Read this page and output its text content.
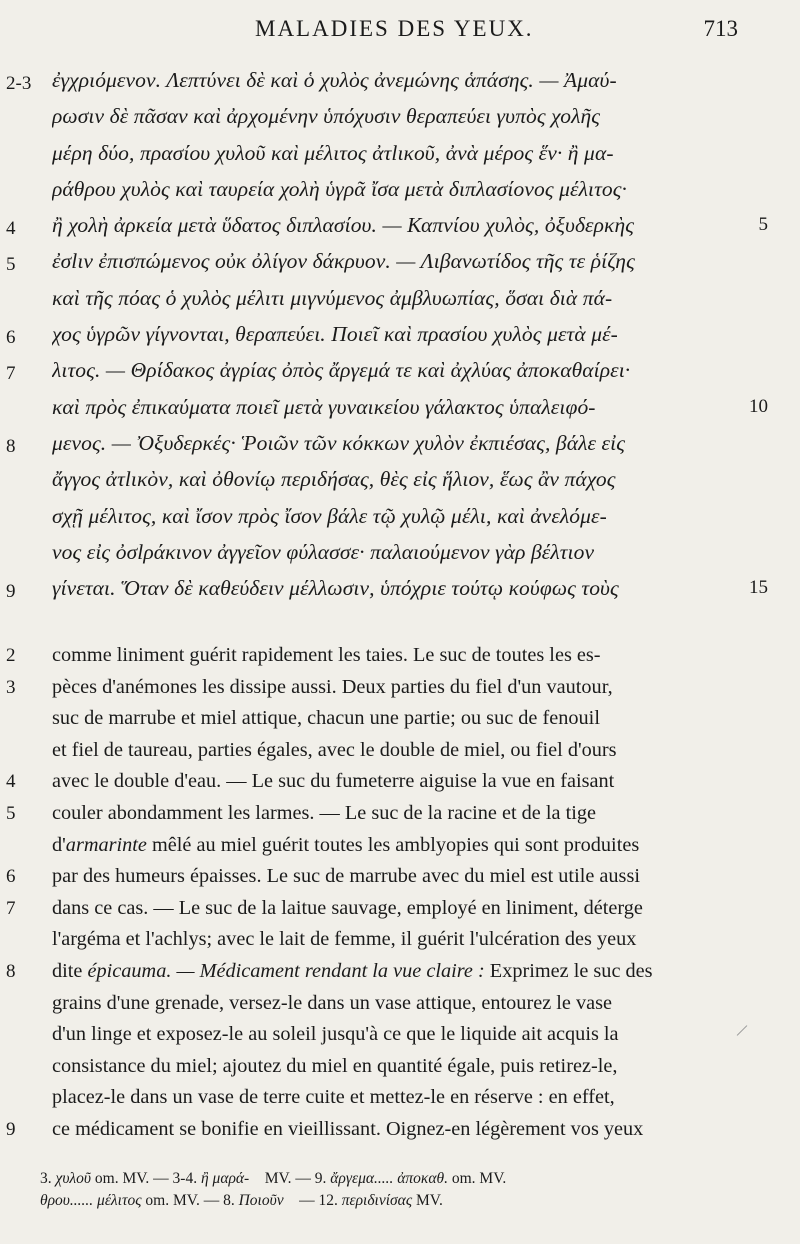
MALADIES DES YEUX.	713
2-3 ἐγχριόμενον. Λεπτύνει δὲ καὶ ὁ χυλὸς ἀνεμώνης ἁπάσης. — Ἀμαύ-
ρωσιν δὲ πᾶσαν καὶ ἀρχομένην ὑπόχυσιν θεραπεύει γυπὸς χολῆς
μέρη δύο, πρασίου χυλοῦ καὶ μέλιτος ἀτlικοῦ, ἀνὰ μέρος ἕν· ἢ μα-
ράθρου χυλὸς καὶ ταυρεία χολὴ ὑγρᾶ ἴσα μετὰ διπλασίονος μέλιτος·
4	ἢ χολὴ ἀρκεία μετὰ ὕδατος διπλασίου. — Καπνίου χυλὸς, ὀξυδερκὴς	5
5	ἐσlιν ἐπισπώμενος οὐκ ὀλίγον δάκρυον. — Λιβανωτίδος τῆς τε ῥίζης
καὶ τῆς πόας ὁ χυλὸς μέλιτι μιγνύμενος ἀμβλυωπίας, ὅσαι διὰ πά-
6	χος ὑγρῶν γίγνονται, θεραπεύει. Ποιεῖ καὶ πρασίου χυλὸς μετὰ μέ-
7	λιτος. — Θρίδακος ἀγρίας ὀπὸς ἄργεμά τε καὶ ἀχλύας ἀποκαθαίρει·
καὶ πρὸς ἐπικαύματα ποιεῖ μετὰ γυναικείου γάλακτος ὑπαλειφό-	10
8	μενος. — Ὀξυδερκές· Ῥοιῶν τῶν κόκκων χυλὸν ἐκπιέσας, βάλε εἰς
ἄγγος ἀτlικὸν, καὶ ὀθονίῳ περιδήσας, θὲς εἰς ἥλιον, ἕως ἂν πάχος
σχῇ μέλιτος, καὶ ἴσον πρὸς ἴσον βάλε τῷ χυλῷ μέλι, καὶ ἀνελόμε-
νος εἰς ὀσlράκινον ἀγγεῖον φύλασσε· παλαιούμενον γὰρ βέλτιον
9	γίνεται. Ὅταν δὲ καθεύδειν μέλλωσιν, ὑπόχριε τούτῳ κούφως τοὺς	15
2	comme liniment guérit rapidement les taies. Le suc de toutes les es-
3	pèces d'anémones les dissipe aussi. Deux parties du fiel d'un vautour,
suc de marrube et miel attique, chacun une partie; ou suc de fenouil
et fiel de taureau, parties égales, avec le double de miel, ou fiel d'ours
4	avec le double d'eau. — Le suc du fumeterre aiguise la vue en faisant
5	couler abondamment les larmes. — Le suc de la racine et de la tige
d'armarinte mêlé au miel guérit toutes les amblyopies qui sont produites
6	par des humeurs épaisses. Le suc de marrube avec du miel est utile aussi
7	dans ce cas. — Le suc de la laitue sauvage, employé en liniment, déterge
l'argéma et l'achlys; avec le lait de femme, il guérit l'ulcération des yeux
8	dite épicauma. — Médicament rendant la vue claire : Exprimez le suc des
grains d'une grenade, versez-le dans un vase attique, entourez le vase
d'un linge et exposez-le au soleil jusqu'à ce que le liquide ait acquis la
consistance du miel; ajoutez du miel en quantité égale, puis retirez-le,
placez-le dans un vase de terre cuite et mettez-le en réserve : en effet,
9	ce médicament se bonifie en vieillissant. Oignez-en légèrement vos yeux
3. χυλοῦ om. MV. — 3-4. ἢ μαρά-    MV. — 9. ἄργεμα..... ἀποκαθ. om. MV.
θρου...... μέλιτος om. MV. — 8. Ποιοῦν    — 12. περιδινίσας MV.
